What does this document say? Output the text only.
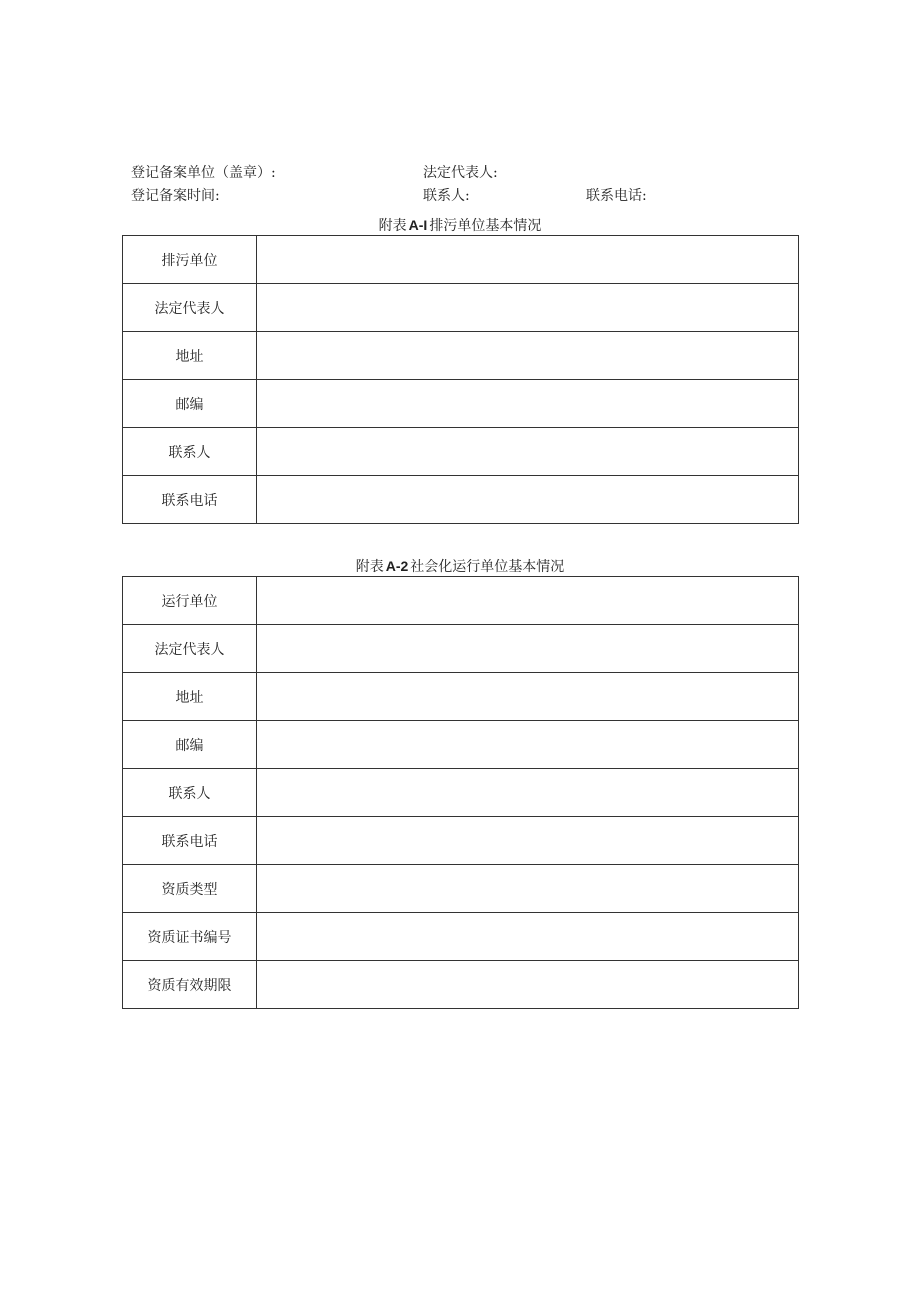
登记备案单位（盖章）:	法定代表人:
登记备案时间:	联系人:	联系电话:
附表 A-I 排污单位基本情况
排污单位	
法定代表人	
地址	
邮编	
联系人	
联系电话	
附表 A-2 社会化运行单位基本情况
运行单位	
法定代表人	
地址	
邮编	
联系人	
联系电话	
资质类型	
资质证书编号	
资质有效期限	
